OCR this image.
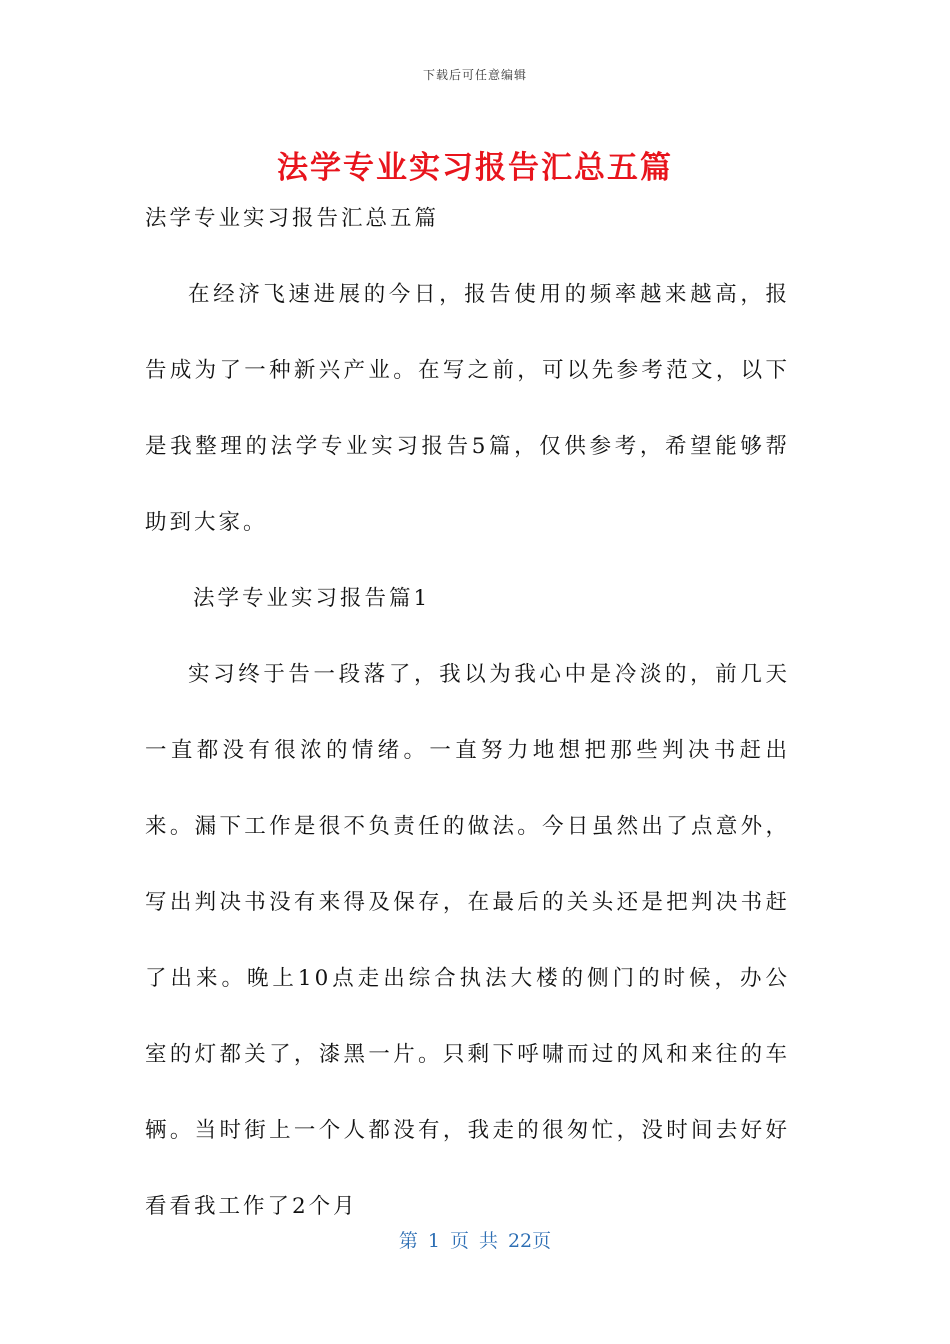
下载后可任意编辑
法学专业实习报告汇总五篇

法学专业实习报告汇总五篇

在经济飞速进展的今日，报告使用的频率越来越高，报告成为了一种新兴产业。在写之前，可以先参考范文，以下是我整理的法学专业实习报告5篇，仅供参考，希望能够帮助到大家。

法学专业实习报告篇1

实习终于告一段落了，我以为我心中是冷淡的，前几天一直都没有很浓的情绪。一直努力地想把那些判决书赶出来。漏下工作是很不负责任的做法。今日虽然出了点意外，写出判决书没有来得及保存，在最后的关头还是把判决书赶了出来。晚上10点走出综合执法大楼的侧门的时候，办公室的灯都关了，漆黑一片。只剩下呼啸而过的风和来往的车辆。当时街上一个人都没有，我走的很匆忙，没时间去好好看看我工作了2个月

第 1 页 共 22页
